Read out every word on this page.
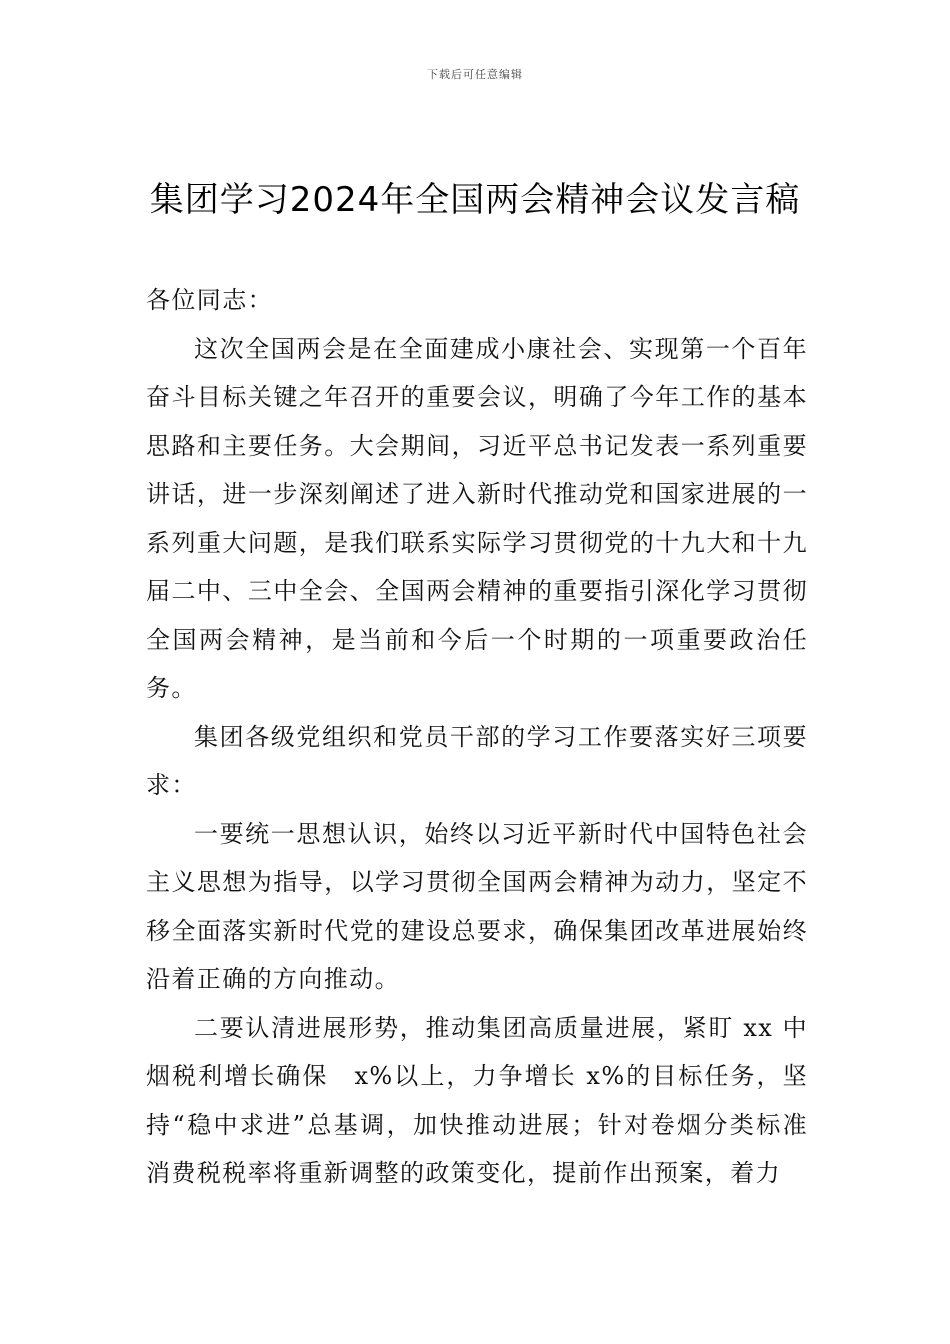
下载后可任意编辑
集团学习2024年全国两会精神会议发言稿

各位同志：

这次全国两会是在全面建成小康社会、实现第一个百年奋斗目标关键之年召开的重要会议，明确了今年工作的基本思路和主要任务。大会期间，习近平总书记发表一系列重要讲话，进一步深刻阐述了进入新时代推动党和国家进展的一系列重大问题，是我们联系实际学习贯彻党的十九大和十九届二中、三中全会、全国两会精神的重要指引深化学习贯彻全国两会精神，是当前和今后一个时期的一项重要政治任务。

集团各级党组织和党员干部的学习工作要落实好三项要求：

一要统一思想认识，始终以习近平新时代中国特色社会主义思想为指导，以学习贯彻全国两会精神为动力，坚定不移全面落实新时代党的建设总要求，确保集团改革进展始终沿着正确的方向推动。

二要认清进展形势，推动集团高质量进展，紧盯 xx 中烟税利增长确保　x%以上，力争增长 x%的目标任务，坚持“稳中求进”总基调，加快推动进展；针对卷烟分类标准消费税税率将重新调整的政策变化，提前作出预案，着力
